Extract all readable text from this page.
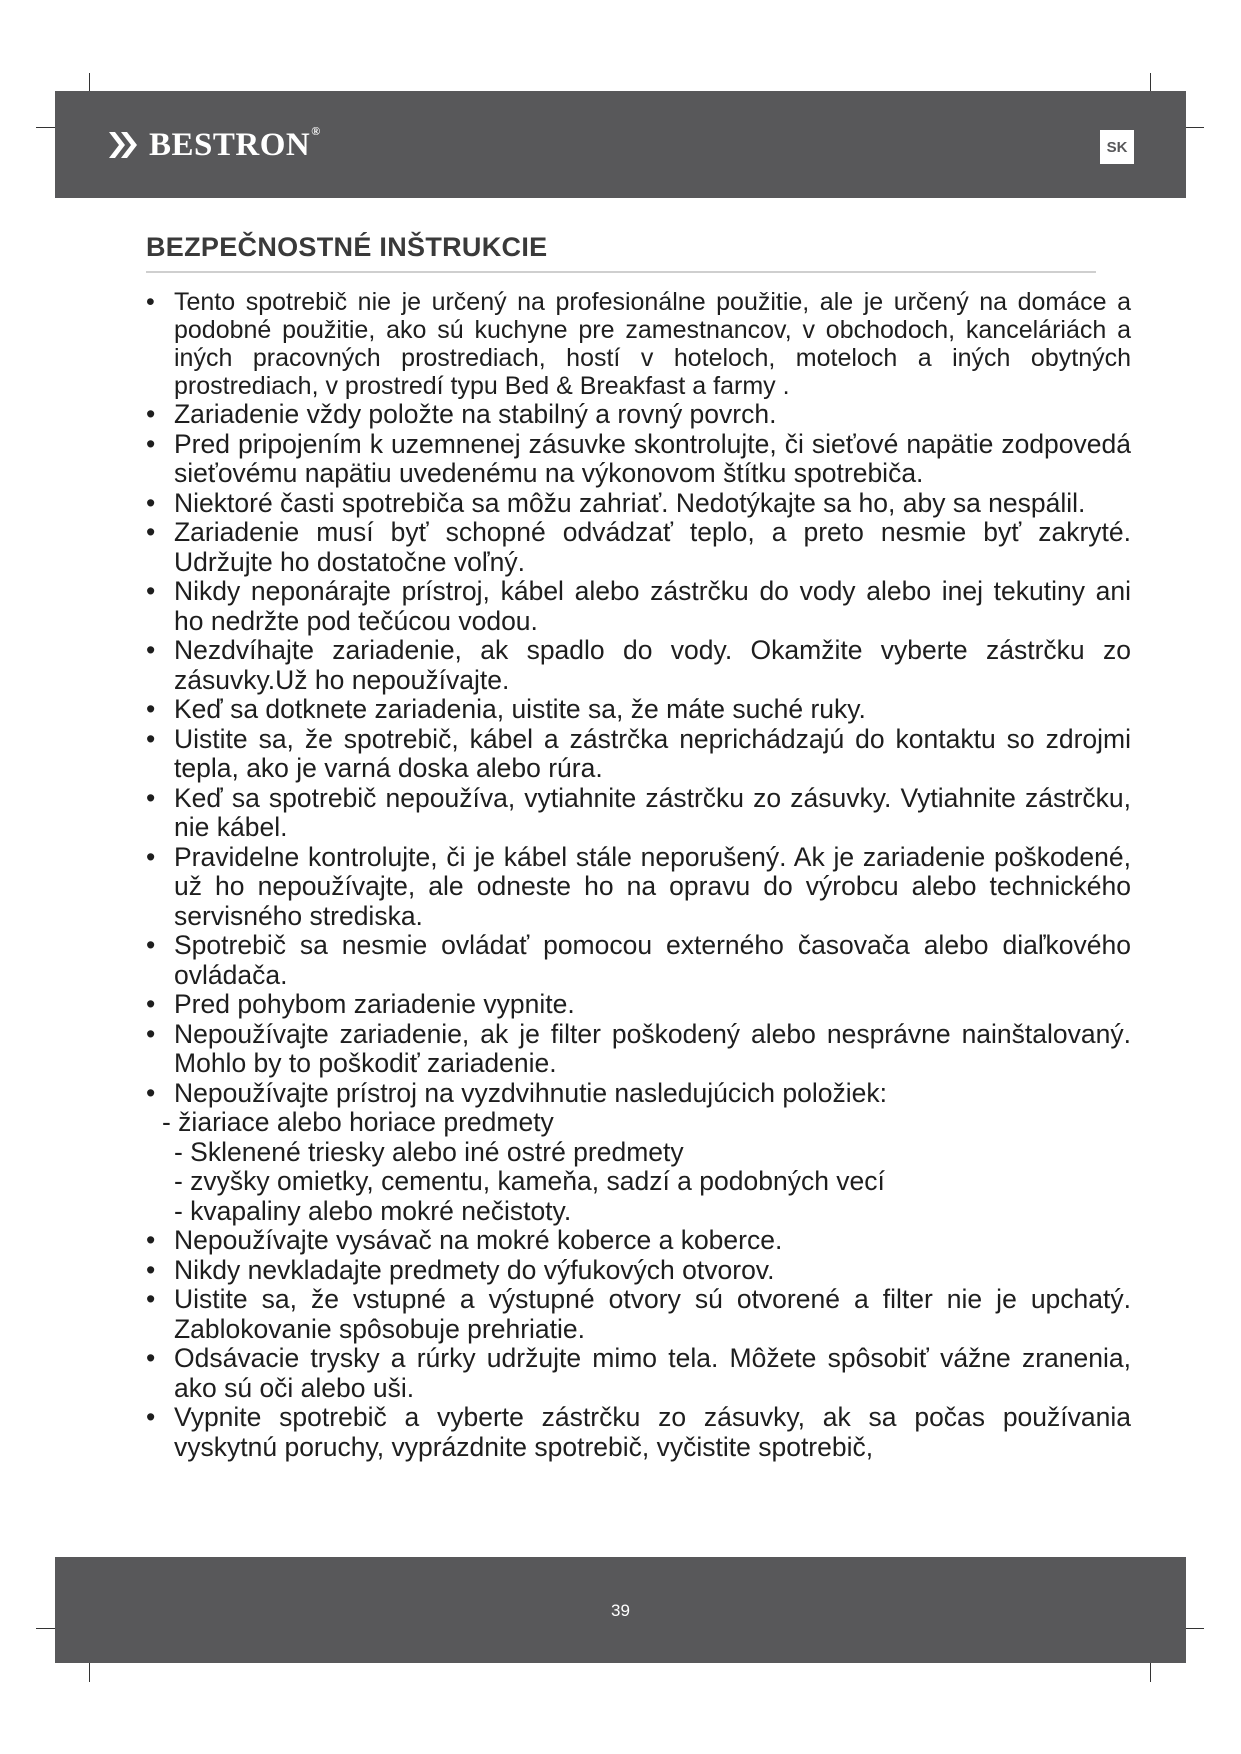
BESTRON®
SK
BEZPEČNOSTNÉ INŠTRUKCIE
• Tento spotrebič nie je určený na profesionálne použitie, ale je určený na domáce a podobné použitie, ako sú kuchyne pre zamestnancov, v obchodoch, kanceláriách a iných pracovných prostrediach, hostí v hoteloch, moteloch a iných obytných prostrediach, v prostredí typu Bed & Breakfast a farmy .
• Zariadenie vždy položte na stabilný a rovný povrch.
• Pred pripojením k uzemnenej zásuvke skontrolujte, či sieťové napätie zodpovedá sieťovému napätiu uvedenému na výkonovom štítku spotrebiča.
• Niektoré časti spotrebiča sa môžu zahriať. Nedotýkajte sa ho, aby sa nespálil.
• Zariadenie musí byť schopné odvádzať teplo, a preto nesmie byť zakryté. Udržujte ho dostatočne voľný.
• Nikdy neponárajte prístroj, kábel alebo zástrčku do vody alebo inej tekutiny ani ho nedržte pod tečúcou vodou.
• Nezdvíhajte zariadenie, ak spadlo do vody. Okamžite vyberte zástrčku zo zásuvky.Už ho nepoužívajte.
• Keď sa dotknete zariadenia, uistite sa, že máte suché ruky.
• Uistite sa, že spotrebič, kábel a zástrčka neprichádzajú do kontaktu so zdrojmi tepla, ako je varná doska alebo rúra.
• Keď sa spotrebič nepoužíva, vytiahnite zástrčku zo zásuvky. Vytiahnite zástrčku, nie kábel.
• Pravidelne kontrolujte, či je kábel stále neporušený. Ak je zariadenie poškodené, už ho nepoužívajte, ale odneste ho na opravu do výrobcu alebo technického servisného strediska.
• Spotrebič sa nesmie ovládať pomocou externého časovača alebo diaľkového ovládača.
• Pred pohybom zariadenie vypnite.
• Nepoužívajte zariadenie, ak je filter poškodený alebo nesprávne nainštalovaný. Mohlo by to poškodiť zariadenie.
• Nepoužívajte prístroj na vyzdvihnutie nasledujúcich položiek:
- žiariace alebo horiace predmety
- Sklenené triesky alebo iné ostré predmety
- zvyšky omietky, cementu, kameňa, sadzí a podobných vecí
- kvapaliny alebo mokré nečistoty.
• Nepoužívajte vysávač na mokré koberce a koberce.
• Nikdy nevkladajte predmety do výfukových otvorov.
• Uistite sa, že vstupné a výstupné otvory sú otvorené a filter nie je upchatý. Zablokovanie spôsobuje prehriatie.
• Odsávacie trysky a rúrky udržujte mimo tela. Môžete spôsobiť vážne zranenia, ako sú oči alebo uši.
• Vypnite spotrebič a vyberte zástrčku zo zásuvky, ak sa počas používania vyskytnú poruchy, vyprázdnite spotrebič, vyčistite spotrebič,
39
